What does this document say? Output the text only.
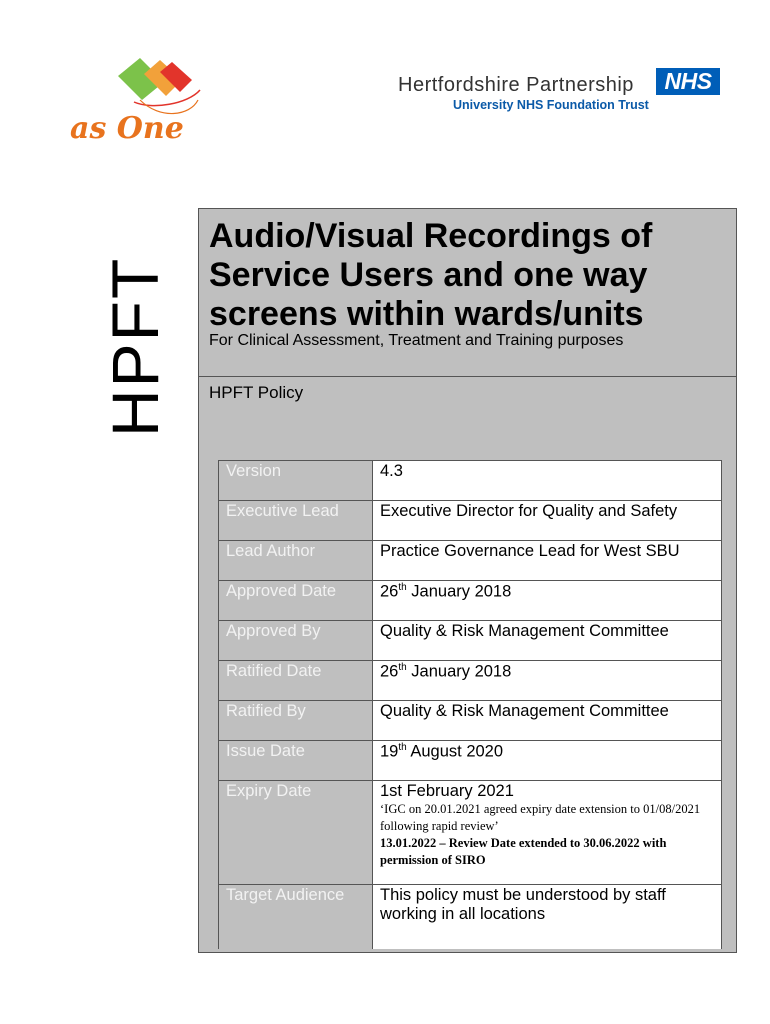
as One
Hertfordshire Partnership	NHS
University NHS Foundation Trust
HPFT
Audio/Visual Recordings of Service Users and one way screens within wards/units
For Clinical Assessment, Treatment and Training purposes
HPFT Policy
Version	4.3
Executive Lead	Executive Director for Quality and Safety
Lead Author	Practice Governance Lead for West SBU
Approved Date	26th January 2018
Approved By	Quality & Risk Management Committee
Ratified Date	26th January 2018
Ratified By	Quality & Risk Management Committee
Issue Date	19th August 2020
Expiry Date	1st February 2021
‘IGC on 20.01.2021 agreed expiry date extension to 01/08/2021 following rapid review’
13.01.2022 – Review Date extended to 30.06.2022 with permission of SIRO

Target Audience	This policy must be understood by staff working in all locations
